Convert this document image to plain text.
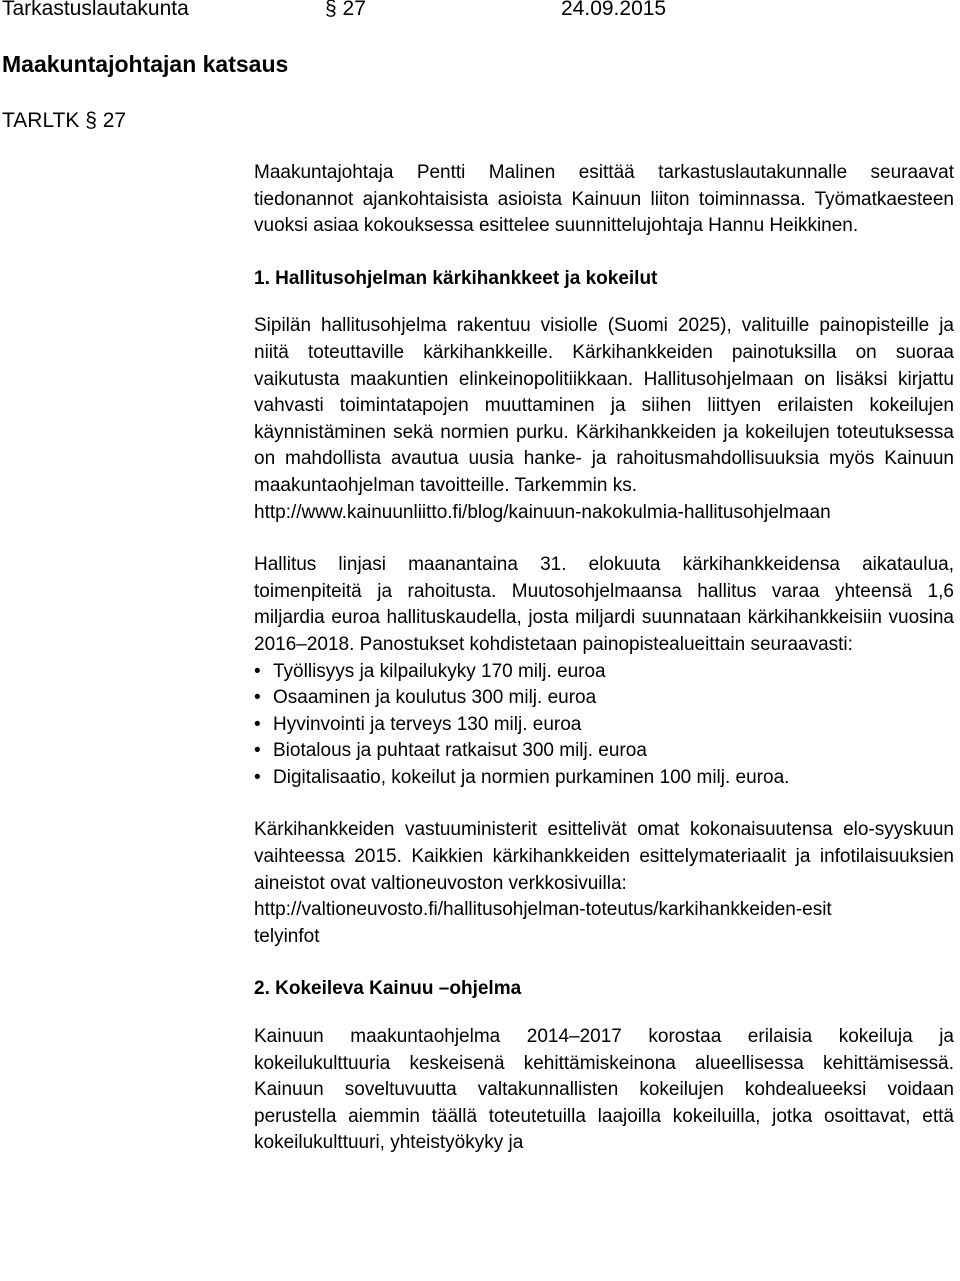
Tarkastuslautakunta	§ 27	24.09.2015
Maakuntajohtajan katsaus
TARLTK § 27

Maakuntajohtaja Pentti Malinen esittää tarkastuslautakunnalle seuraavat tiedonannot ajankohtaisista asioista Kainuun liiton toiminnassa. Työmatkaesteen vuoksi asiaa kokouksessa esittelee suunnittelujohtaja Hannu Heikkinen.

1. Hallitusohjelman kärkihankkeet ja kokeilut

Sipilän hallitusohjelma rakentuu visiolle (Suomi 2025), valituille painopisteille ja niitä toteuttaville kärkihankkeille. Kärkihankkeiden painotuksilla on suoraa vaikutusta maakuntien elinkeinopolitiikkaan. Hallitusohjelmaan on lisäksi kirjattu vahvasti toimintatapojen muuttaminen ja siihen liittyen erilaisten kokeilujen käynnistäminen sekä normien purku. Kärkihankkeiden ja kokeilujen toteutuksessa on mahdollista avautua uusia hanke- ja rahoitusmahdollisuuksia myös Kainuun maakuntaohjelman tavoitteille. Tarkemmin ks.

http://www.kainuunliitto.fi/blog/kainuun-nakokulmia-hallitusohjelmaan

Hallitus linjasi maanantaina 31. elokuuta kärkihankkeidensa aikataulua, toimenpiteitä ja rahoitusta. Muutosohjelmaansa hallitus varaa yhteensä 1,6 miljardia euroa hallituskaudella, josta miljardi suunnataan kärkihankkeisiin vuosina 2016–2018. Panostukset kohdistetaan painopistealueittain seuraavasti:

• Työllisyys ja kilpailukyky 170 milj. euroa
• Osaaminen ja koulutus 300 milj. euroa
• Hyvinvointi ja terveys 130 milj. euroa
• Biotalous ja puhtaat ratkaisut 300 milj. euroa
• Digitalisaatio, kokeilut ja normien purkaminen 100 milj. euroa.

Kärkihankkeiden vastuuministerit esittelivät omat kokonaisuutensa elo-syyskuun vaihteessa 2015. Kaikkien kärkihankkeiden esittelymateriaalit ja infotilaisuuksien aineistot ovat valtioneuvoston verkkosivuilla:

http://valtioneuvosto.fi/hallitusohjelman-toteutus/karkihankkeiden-esit

telyinfot

2. Kokeileva Kainuu –ohjelma

Kainuun maakuntaohjelma 2014–2017 korostaa erilaisia kokeiluja ja kokeilukulttuuria keskeisenä kehittämiskeinona alueellisessa kehittämisessä. Kainuun soveltuvuutta valtakunnallisten kokeilujen kohdealueeksi voidaan perustella aiemmin täällä toteutetuilla laajoilla kokeiluilla, jotka osoittavat, että kokeilukulttuuri, yhteistyökyky ja
